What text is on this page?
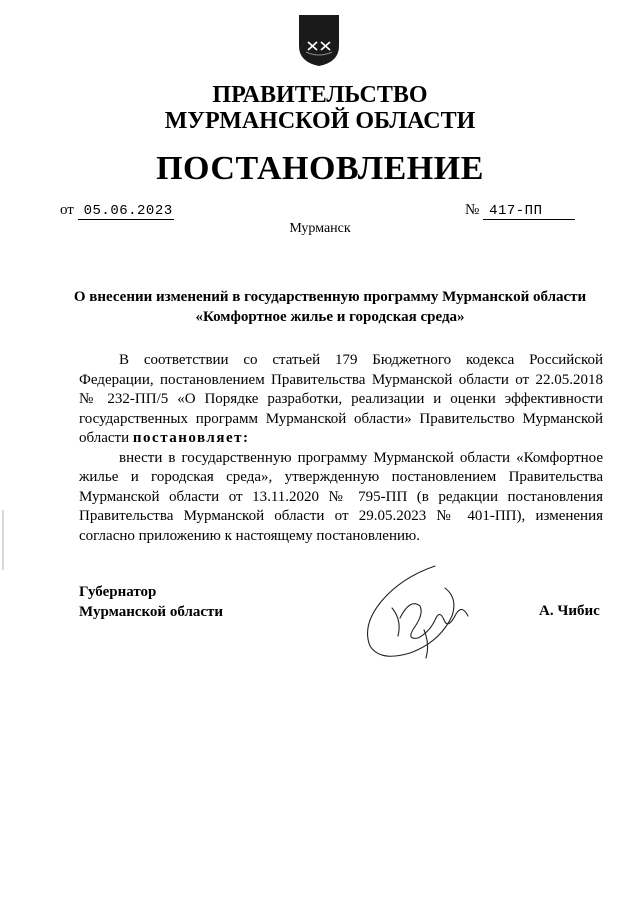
ПРАВИТЕЛЬСТВО
МУРМАНСКОЙ ОБЛАСТИ
ПОСТАНОВЛЕНИЕ
от 05.06.2023	№ 417-ПП
Мурманск
О внесении изменений в государственную программу Мурманской области
«Комфортное жилье и городская среда»

В соответствии со статьей 179 Бюджетного кодекса Российской Федерации, постановлением Правительства Мурманской области от 22.05.2018 № 232-ПП/5 «О Порядке разработки, реализации и оценки эффективности государственных программ Мурманской области» Правительство Мурманской области постановляет:

внести в государственную программу Мурманской области «Комфортное жилье и городская среда», утвержденную постановлением Правительства Мурманской области от 13.11.2020 № 795-ПП (в редакции постановления Правительства Мурманской области от 29.05.2023 № 401-ПП), изменения согласно приложению к настоящему постановлению.

Губернатор
Мурманской области	А. Чибис
